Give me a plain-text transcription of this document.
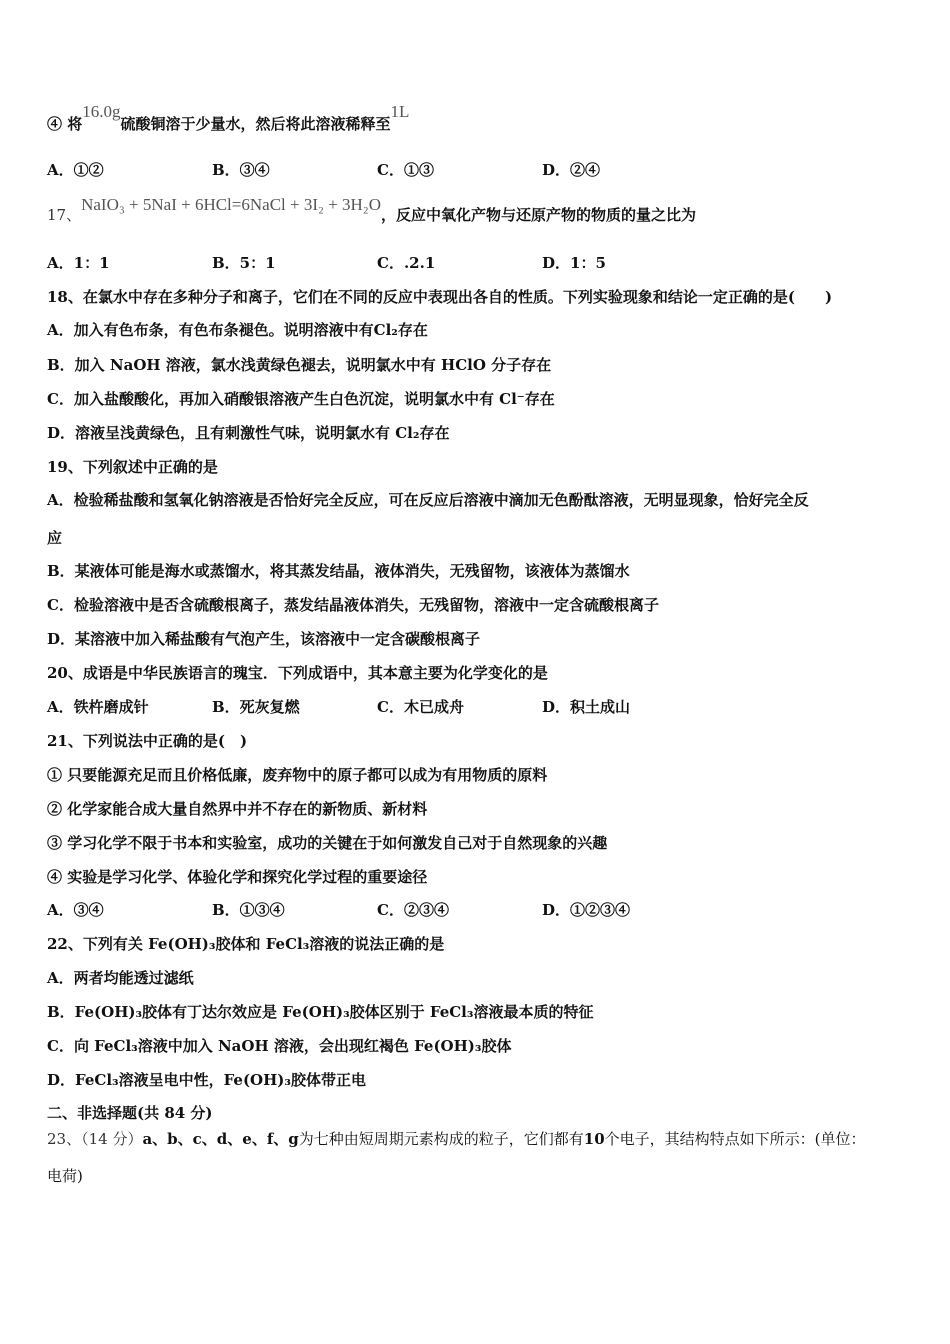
④ 将16.0g硫酸铜溶于少量水，然后将此溶液稀释至1L
A．①②	B．③④	C．①③	D．②④
17、NaIO₃ + 5NaI + 6HCl=6NaCl + 3I₂ + 3H₂O，反应中氧化产物与还原产物的物质的量之比为
A．1：1	B．5：1	C．.2.1	D．1：5
18、在氯水中存在多种分子和离子，它们在不同的反应中表现出各自的性质。下列实验现象和结论一定正确的是(　　)
A．加入有色布条，有色布条褪色。说明溶液中有Cl₂存在
B．加入 NaOH 溶液，氯水浅黄绿色褪去，说明氯水中有 HClO 分子存在
C．加入盐酸酸化，再加入硝酸银溶液产生白色沉淀，说明氯水中有 Cl⁻存在
D．溶液呈浅黄绿色，且有刺激性气味，说明氯水有 Cl₂存在
19、下列叙述中正确的是
A．检验稀盐酸和氢氧化钠溶液是否恰好完全反应，可在反应后溶液中滴加无色酚酞溶液，无明显现象，恰好完全反
应
B．某液体可能是海水或蒸馏水，将其蒸发结晶，液体消失，无残留物，该液体为蒸馏水
C．检验溶液中是否含硫酸根离子，蒸发结晶液体消失，无残留物，溶液中一定含硫酸根离子
D．某溶液中加入稀盐酸有气泡产生，该溶液中一定含碳酸根离子
20、成语是中华民族语言的瑰宝．下列成语中，其本意主要为化学变化的是
A．铁杵磨成针	B．死灰复燃	C．木已成舟	D．积土成山
21、下列说法中正确的是(　)
① 只要能源充足而且价格低廉，废弃物中的原子都可以成为有用物质的原料
② 化学家能合成大量自然界中并不存在的新物质、新材料
③ 学习化学不限于书本和实验室，成功的关键在于如何激发自己对于自然现象的兴趣
④ 实验是学习化学、体验化学和探究化学过程的重要途径
A．③④	B．①③④	C．②③④	D．①②③④
22、下列有关 Fe(OH)₃胶体和 FeCl₃溶液的说法正确的是
A．两者均能透过滤纸
B．Fe(OH)₃胶体有丁达尔效应是 Fe(OH)₃胶体区别于 FeCl₃溶液最本质的特征
C．向 FeCl₃溶液中加入 NaOH 溶液，会出现红褐色 Fe(OH)₃胶体
D．FeCl₃溶液呈电中性，Fe(OH)₃胶体带正电
二、非选择题(共 84 分)
23、（14 分）a、b、c、d、e、f、g为七种由短周期元素构成的粒子，它们都有10个电子，其结构特点如下所示：(单位：
电荷)
